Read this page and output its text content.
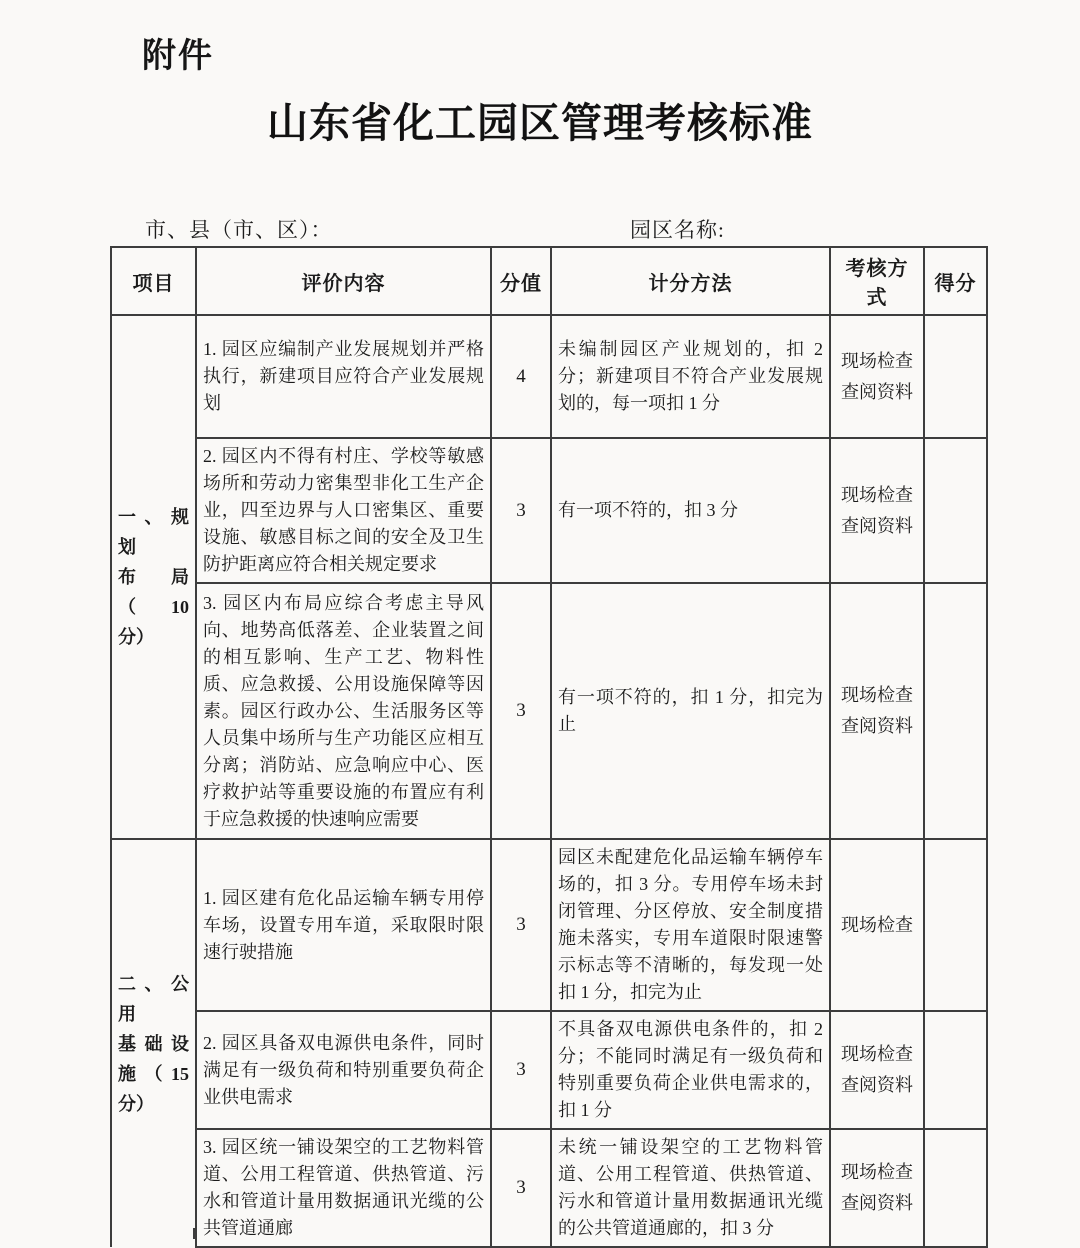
附件
山东省化工园区管理考核标准
市、县（市、区）：	园区名称:
项目	评价内容	分值	计分方法	考核方式	得分

一、规划
布局（10
分）
	1. 园区应编制产业发展规划并严格执行，新建项目应符合产业发展规划	4	未编制园区产业规划的，扣 2 分；新建项目不符合产业发展规划的，每一项扣 1 分	
现场检查
查阅资料

	2. 园区内不得有村庄、学校等敏感场所和劳动力密集型非化工生产企业，四至边界与人口密集区、重要设施、敏感目标之间的安全及卫生防护距离应符合相关规定要求	3	有一项不符的，扣 3 分	现场检查
查阅资料	

	3. 园区内布局应综合考虑主导风向、地势高低落差、企业装置之间的相互影响、生产工艺、物料性质、应急救援、公用设施保障等因素。园区行政办公、生活服务区等人员集中场所与生产功能区应相互分离；消防站、应急响应中心、医疗救护站等重要设施的布置应有利于应急救援的快速响应需要	3	有一项不符的，扣 1 分，扣完为止	现场检查
查阅资料	

二、公用
基础设
施（15
分）	1. 园区建有危化品运输车辆专用停车场，设置专用车道，采取限时限速行驶措施	3	园区未配建危化品运输车辆停车场的，扣 3 分。专用停车场未封闭管理、分区停放、安全制度措施未落实，专用车道限时限速警示标志等不清晰的，每发现一处扣 1 分，扣完为止	现场检查	

	2. 园区具备双电源供电条件，同时满足有一级负荷和特别重要负荷企业供电需求	3	不具备双电源供电条件的，扣 2 分；不能同时满足有一级负荷和特别重要负荷企业供电需求的，扣 1 分	现场检查
查阅资料	

	3. 园区统一铺设架空的工艺物料管道、公用工程管道、供热管道、污水和管道计量用数据通讯光缆的公共管道通廊	3	未统一铺设架空的工艺物料管道、公用工程管道、供热管道、污水和管道计量用数据通讯光缆的公共管道通廊的，扣 3 分	现场检查
查阅资料	
